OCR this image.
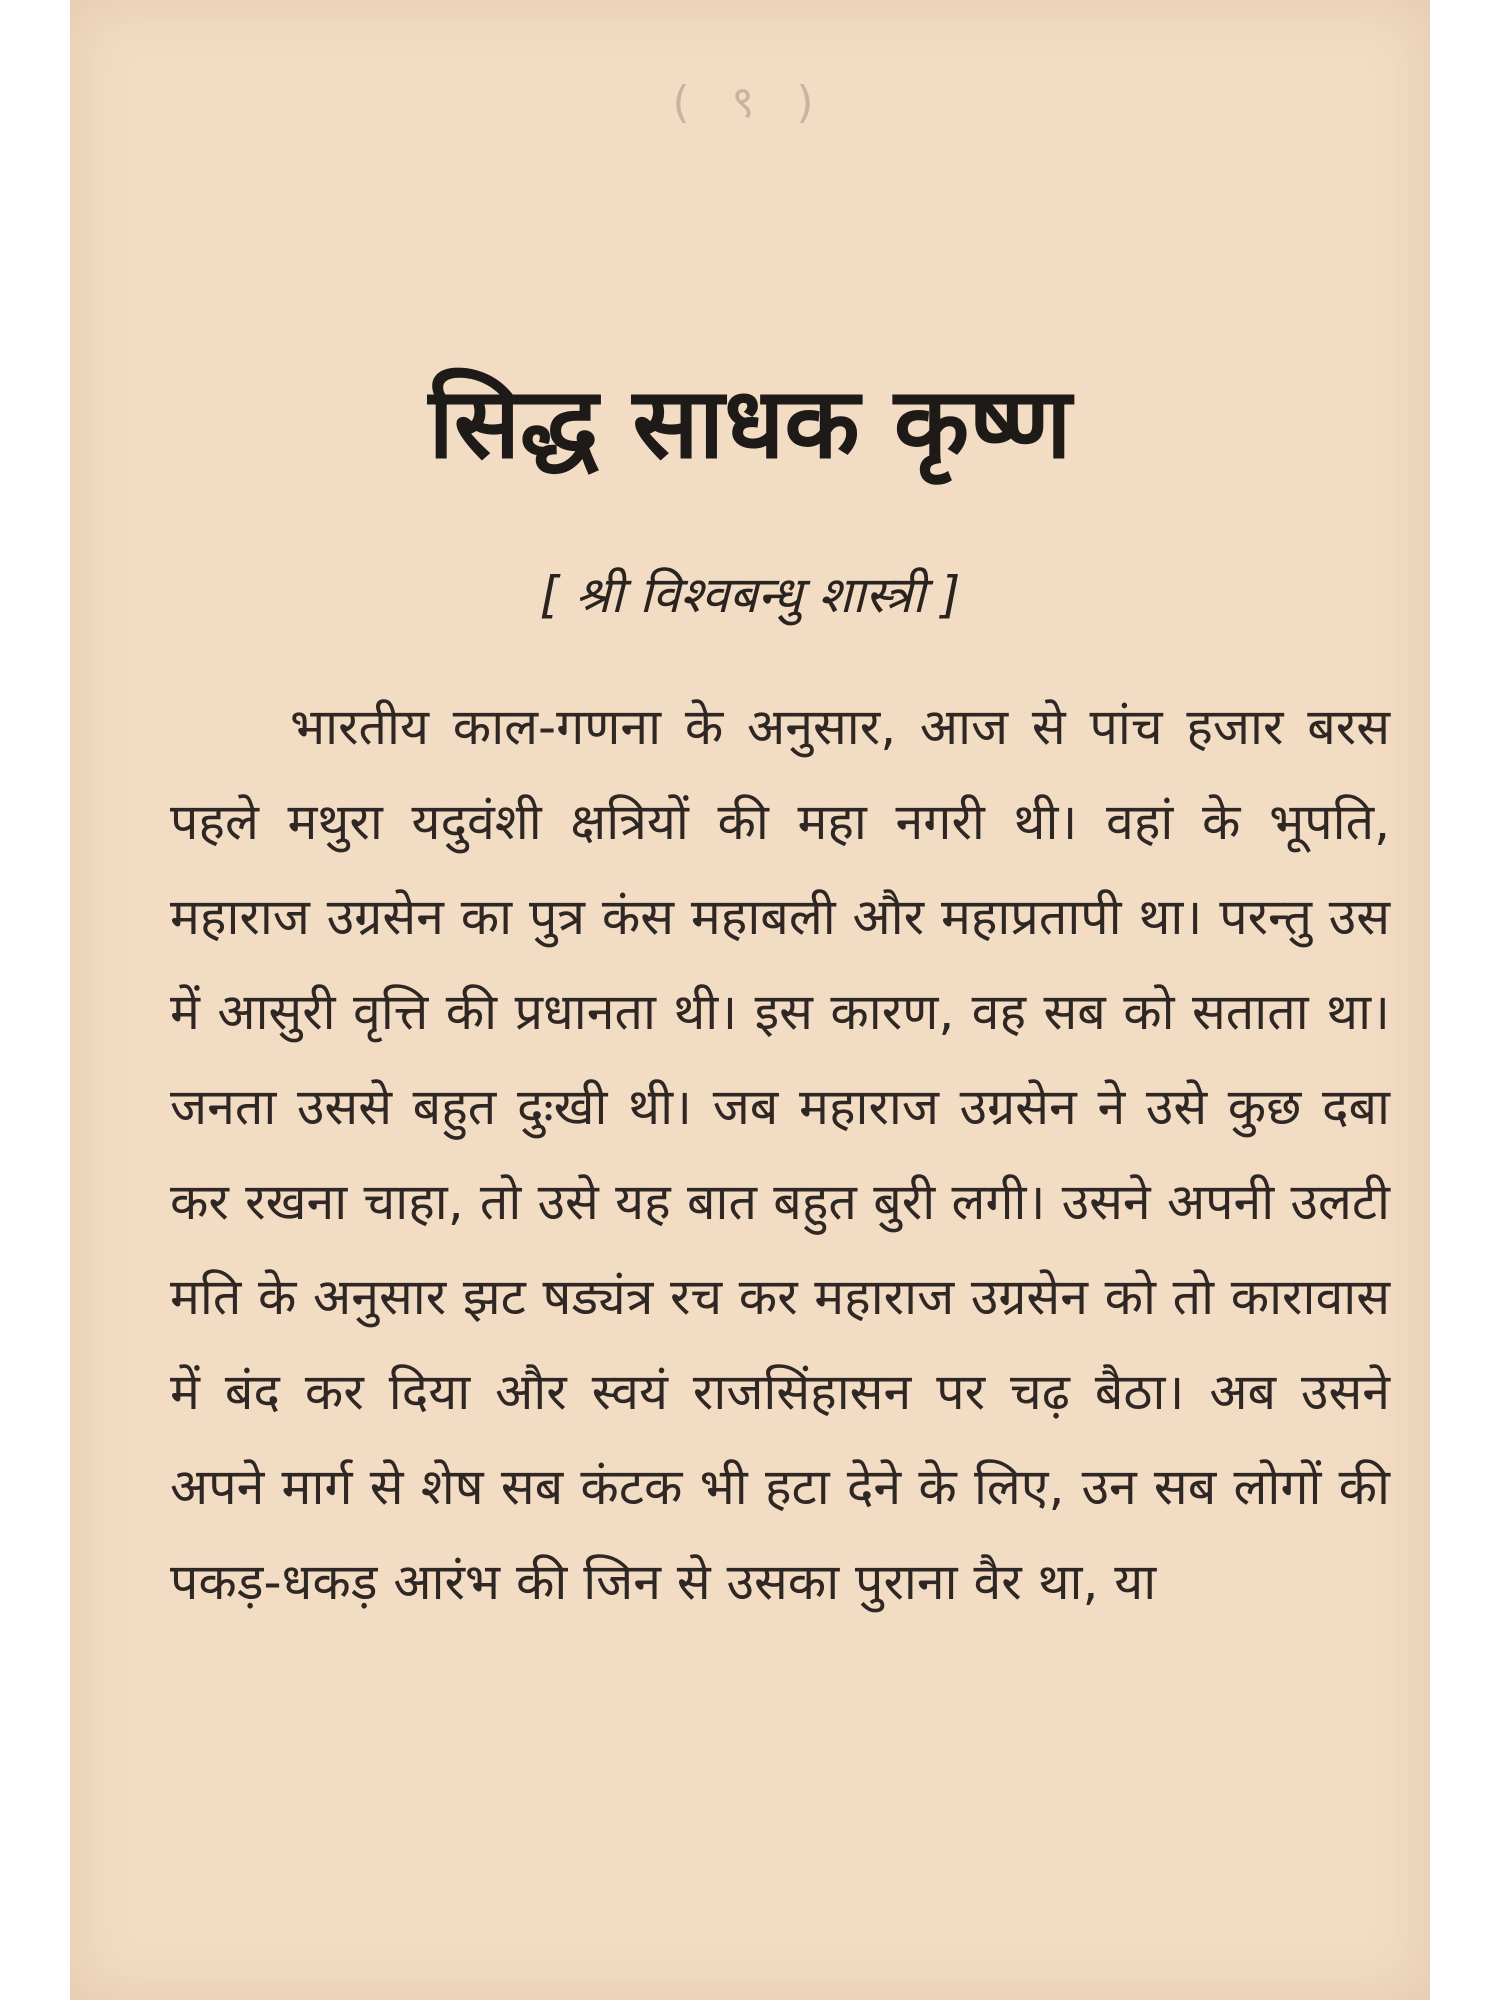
( ९ )
सिद्ध साधक कृष्ण
[ श्री विश्वबन्धु शास्त्री ]

भारतीय काल-गणना के अनुसार, आज से पांच हजार बरस पहले मथुरा यदुवंशी क्षत्रियों की महा नगरी थी। वहां के भूपति, महाराज उग्रसेन का पुत्र कंस महाबली और महाप्रतापी था। परन्तु उस में आसुरी वृत्ति की प्रधानता थी। इस कारण, वह सब को सताता था। जनता उससे बहुत दुःखी थी। जब महाराज उग्रसेन ने उसे कुछ दबा कर रखना चाहा, तो उसे यह बात बहुत बुरी लगी। उसने अपनी उलटी मति के अनुसार झट षड्यंत्र रच कर महाराज उग्रसेन को तो कारावास में बंद कर दिया और स्वयं राजसिंहासन पर चढ़ बैठा। अब उसने अपने मार्ग से शेष सब कंटक भी हटा देने के लिए, उन सब लोगों की पकड़-धकड़ आरंभ की जिन से उसका पुराना वैर था, या
